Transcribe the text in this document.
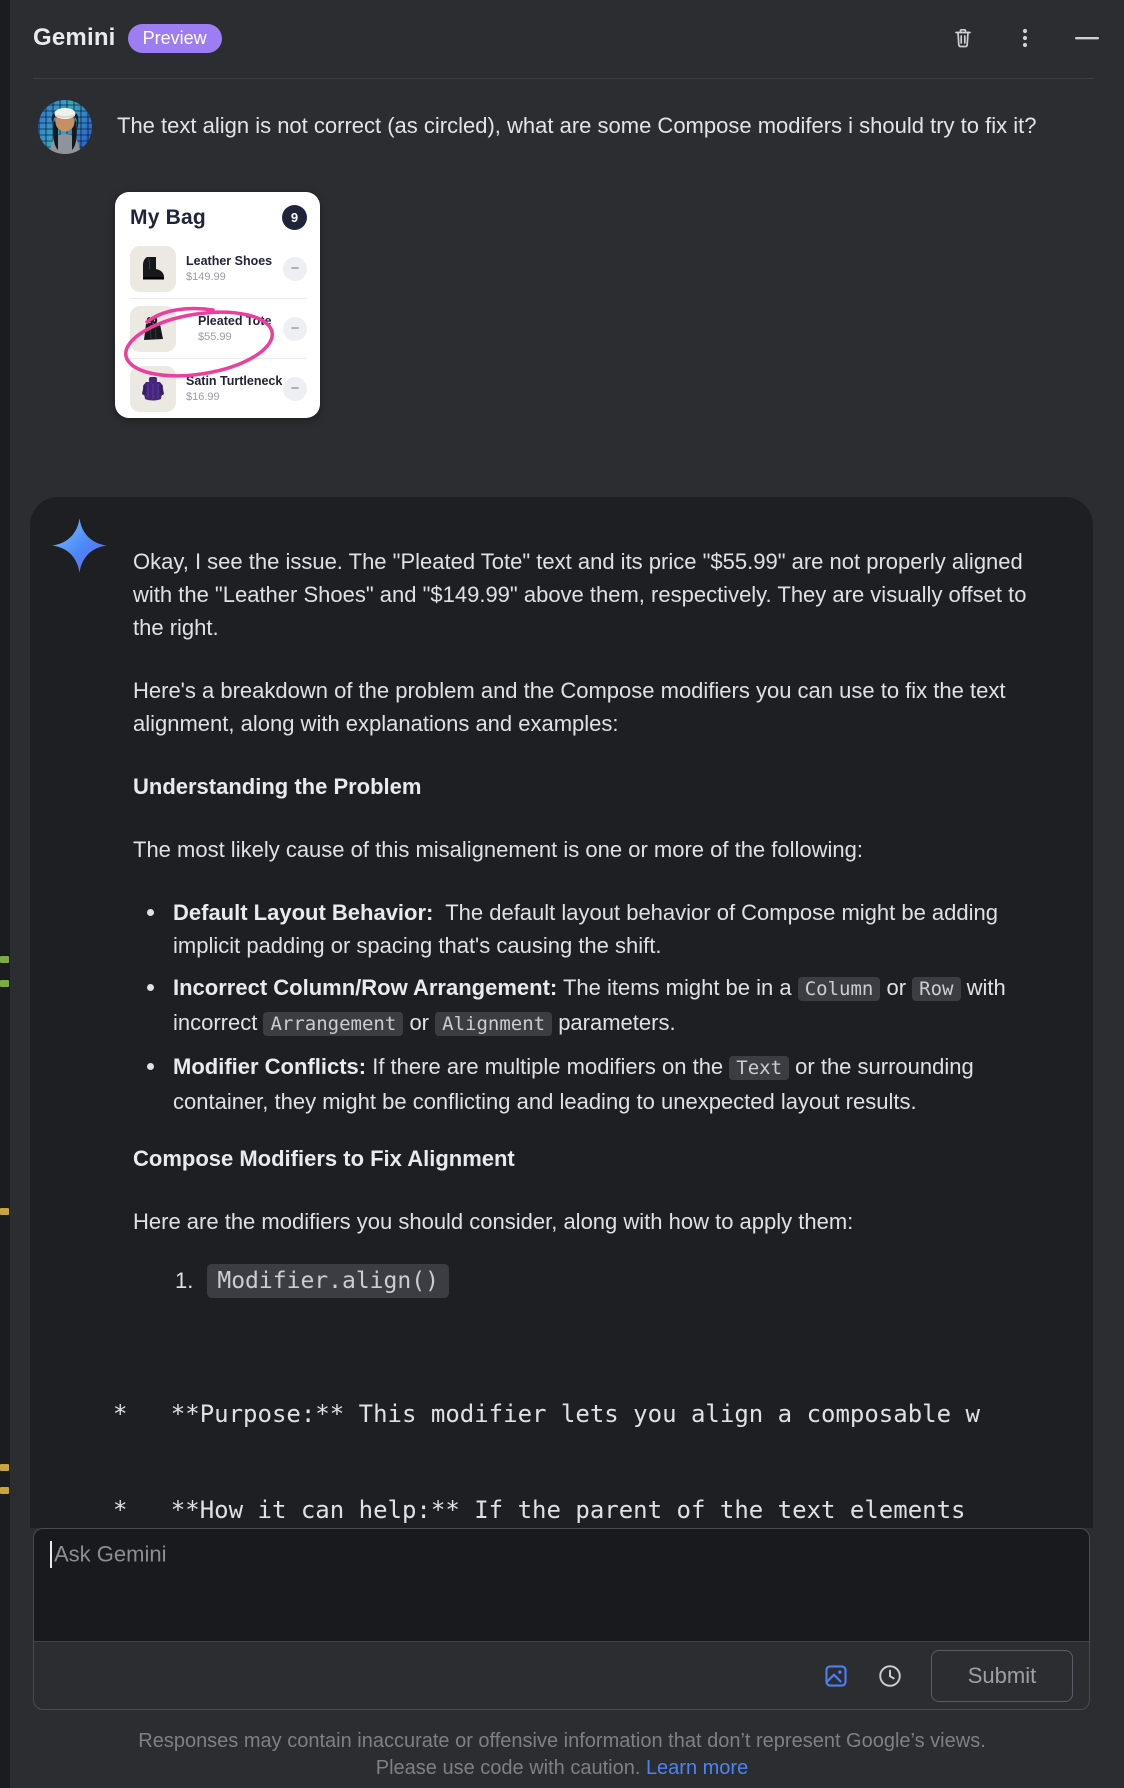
Gemini	Preview
The text align is not correct (as circled), what are some Compose modifers i should try to fix it?
My Bag	9
Leather Shoes
$149.99	−
Pleated Tote
$55.99	−
Satin Turtleneck
$16.99	−

Okay, I see the issue. The "Pleated Tote" text and its price "$55.99" are not properly aligned with the "Leather Shoes" and "$149.99" above them, respectively. They are visually offset to the right.

Here's a breakdown of the problem and the Compose modifiers you can use to fix the text alignment, along with explanations and examples:

Understanding the Problem

The most likely cause of this misalignement is one or more of the following:

Default Layout Behavior:  The default layout behavior of Compose might be adding implicit padding or spacing that's causing the shift.
Incorrect Column/Row Arrangement: The items might be in a Column or Row with incorrect Arrangement or Alignment parameters.
Modifier Conflicts: If there are multiple modifiers on the Text or the surrounding container, they might be conflicting and leading to unexpected layout results.
Compose Modifiers to Fix Alignment

Here are the modifiers you should consider, along with how to apply them:

1. Modifier.align()

*   **Purpose:** This modifier lets you align a composable w

*   **How it can help:** If the parent of the text elements

Ask Gemini
Submit
Responses may contain inaccurate or offensive information that don’t represent Google’s views.
Please use code with caution. Learn more
